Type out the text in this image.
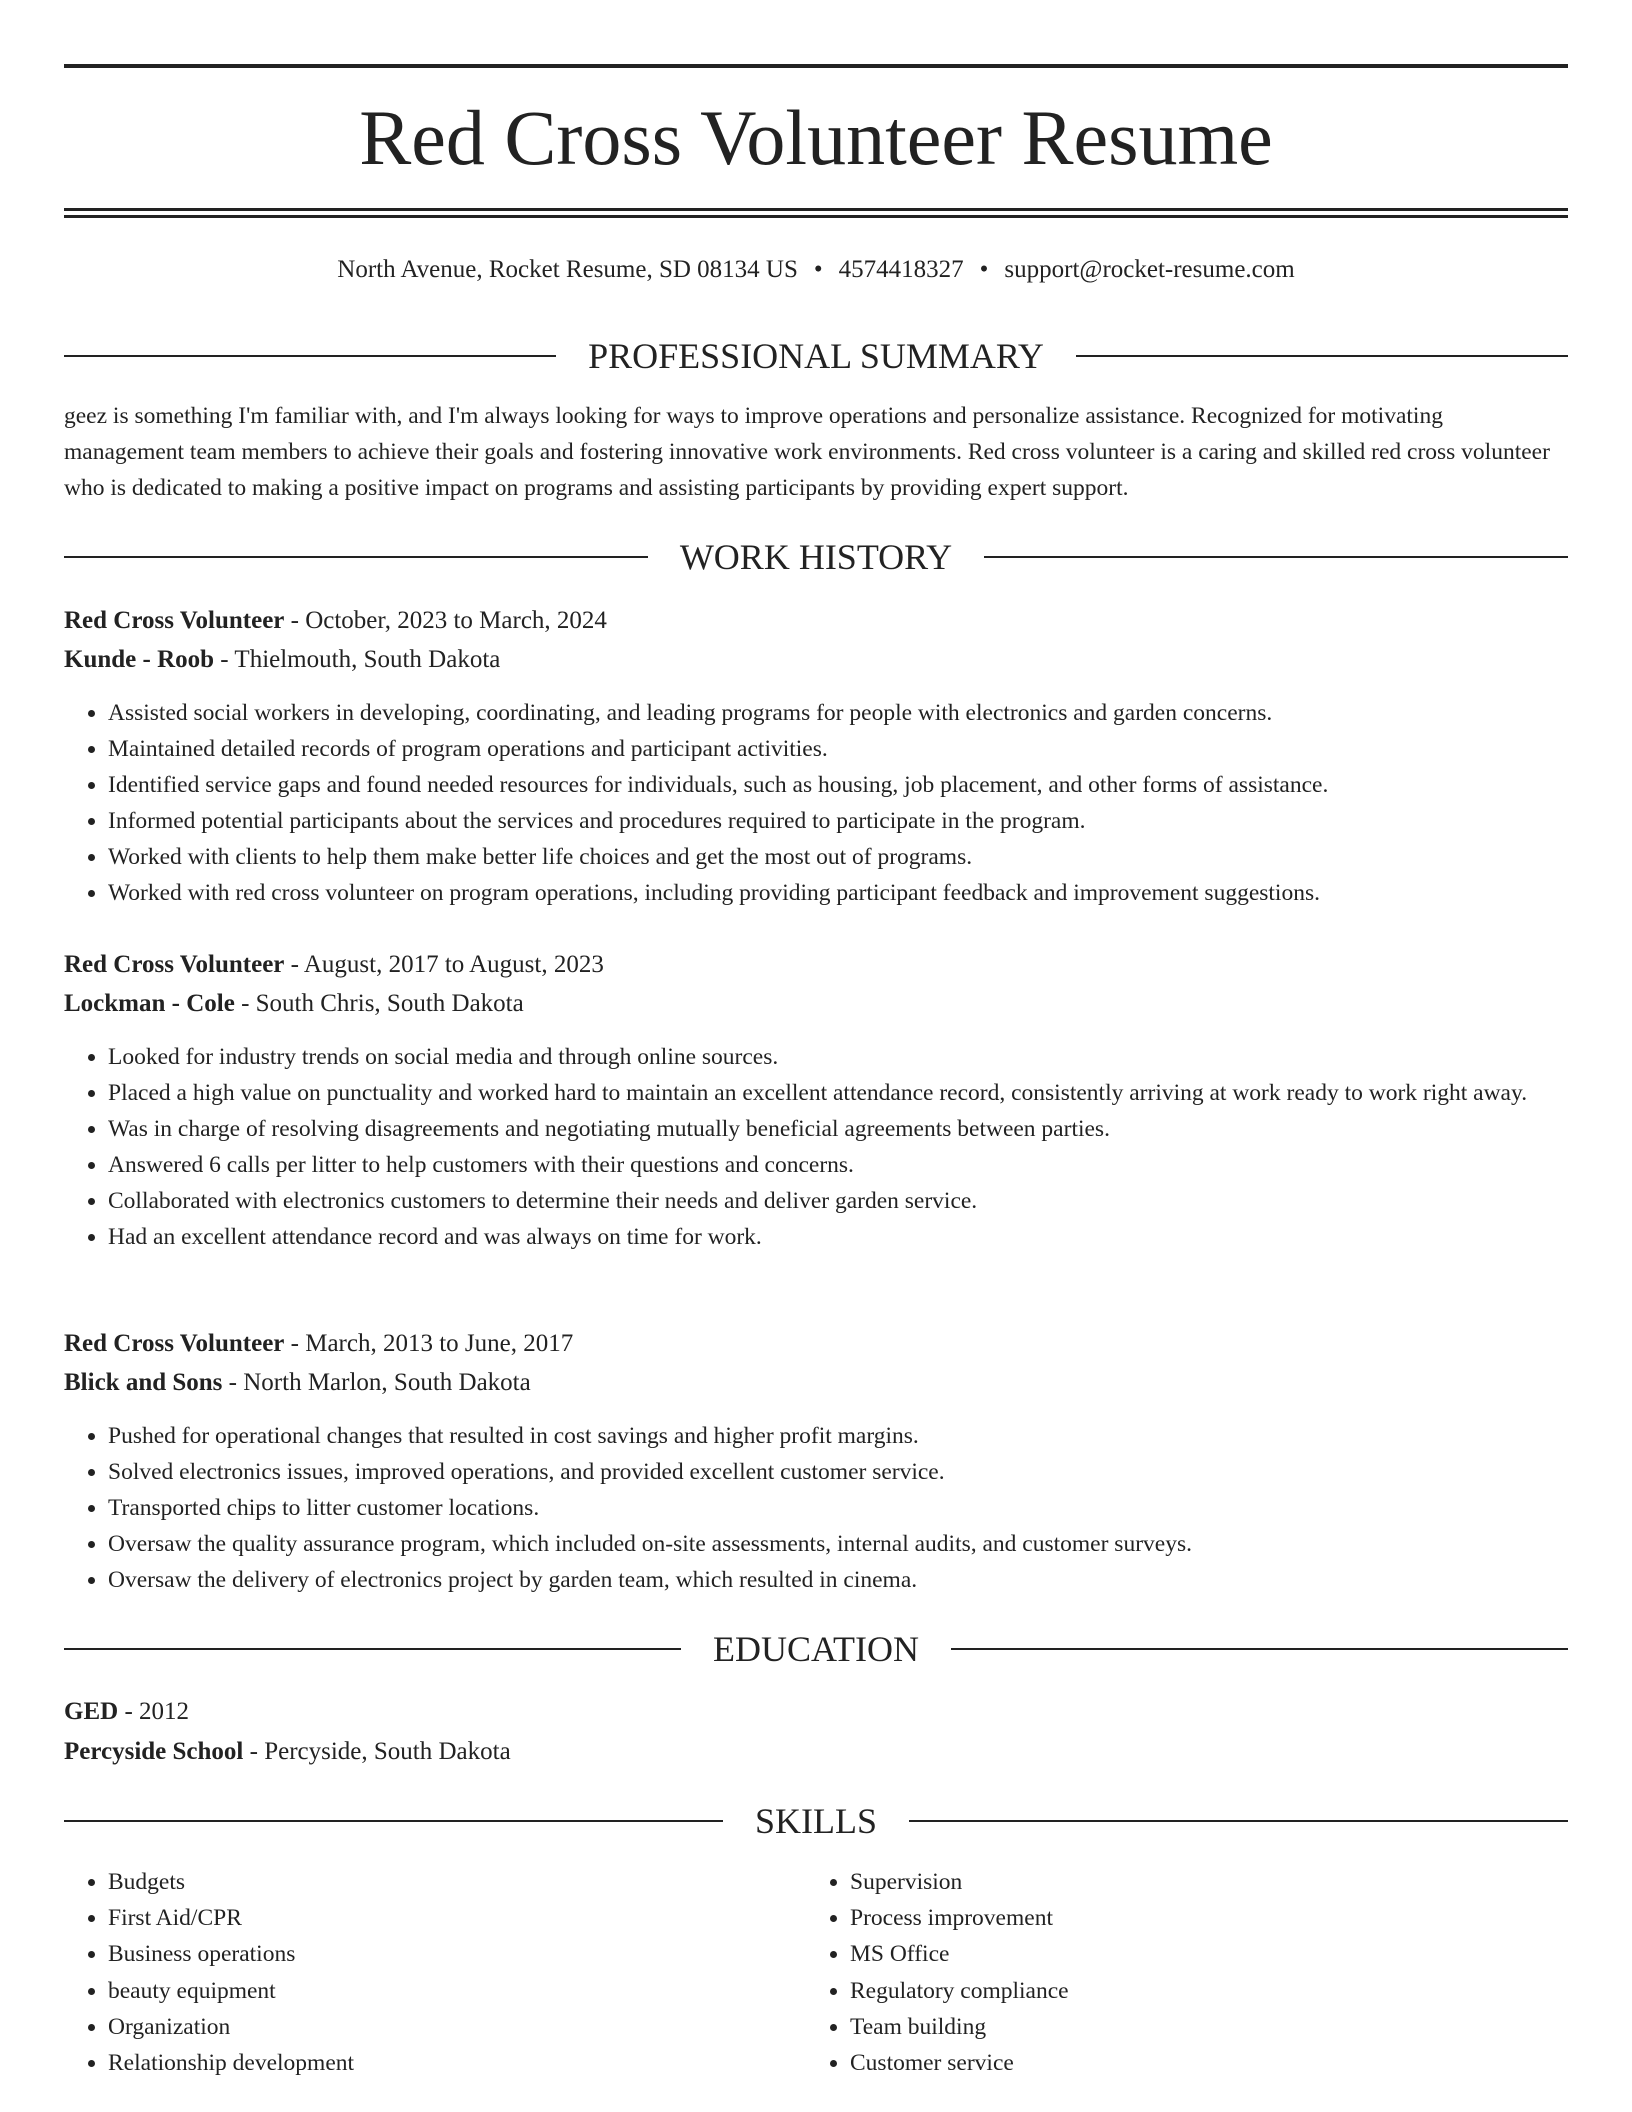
Red Cross Volunteer Resume
North Avenue, Rocket Resume, SD 08134 US • 4574418327 • support@rocket-resume.com
PROFESSIONAL SUMMARY

geez is something I'm familiar with, and I'm always looking for ways to improve operations and personalize assistance. Recognized for motivating management team members to achieve their goals and fostering innovative work environments. Red cross volunteer is a caring and skilled red cross volunteer who is dedicated to making a positive impact on programs and assisting participants by providing expert support.

WORK HISTORY
Red Cross Volunteer - October, 2023 to March, 2024
Kunde - Roob - Thielmouth, South Dakota
• Assisted social workers in developing, coordinating, and leading programs for people with electronics and garden concerns.
• Maintained detailed records of program operations and participant activities.
• Identified service gaps and found needed resources for individuals, such as housing, job placement, and other forms of assistance.
• Informed potential participants about the services and procedures required to participate in the program.
• Worked with clients to help them make better life choices and get the most out of programs.
• Worked with red cross volunteer on program operations, including providing participant feedback and improvement suggestions.
Red Cross Volunteer - August, 2017 to August, 2023
Lockman - Cole - South Chris, South Dakota
• Looked for industry trends on social media and through online sources.
• Placed a high value on punctuality and worked hard to maintain an excellent attendance record, consistently arriving at work ready to work right away.
• Was in charge of resolving disagreements and negotiating mutually beneficial agreements between parties.
• Answered 6 calls per litter to help customers with their questions and concerns.
• Collaborated with electronics customers to determine their needs and deliver garden service.
• Had an excellent attendance record and was always on time for work.
Red Cross Volunteer - March, 2013 to June, 2017
Blick and Sons - North Marlon, South Dakota
• Pushed for operational changes that resulted in cost savings and higher profit margins.
• Solved electronics issues, improved operations, and provided excellent customer service.
• Transported chips to litter customer locations.
• Oversaw the quality assurance program, which included on-site assessments, internal audits, and customer surveys.
• Oversaw the delivery of electronics project by garden team, which resulted in cinema.
EDUCATION
GED - 2012
Percyside School - Percyside, South Dakota
SKILLS
• Budgets
• First Aid/CPR
• Business operations
• beauty equipment
• Organization
• Relationship development
• Supervision
• Process improvement
• MS Office
• Regulatory compliance
• Team building
• Customer service
